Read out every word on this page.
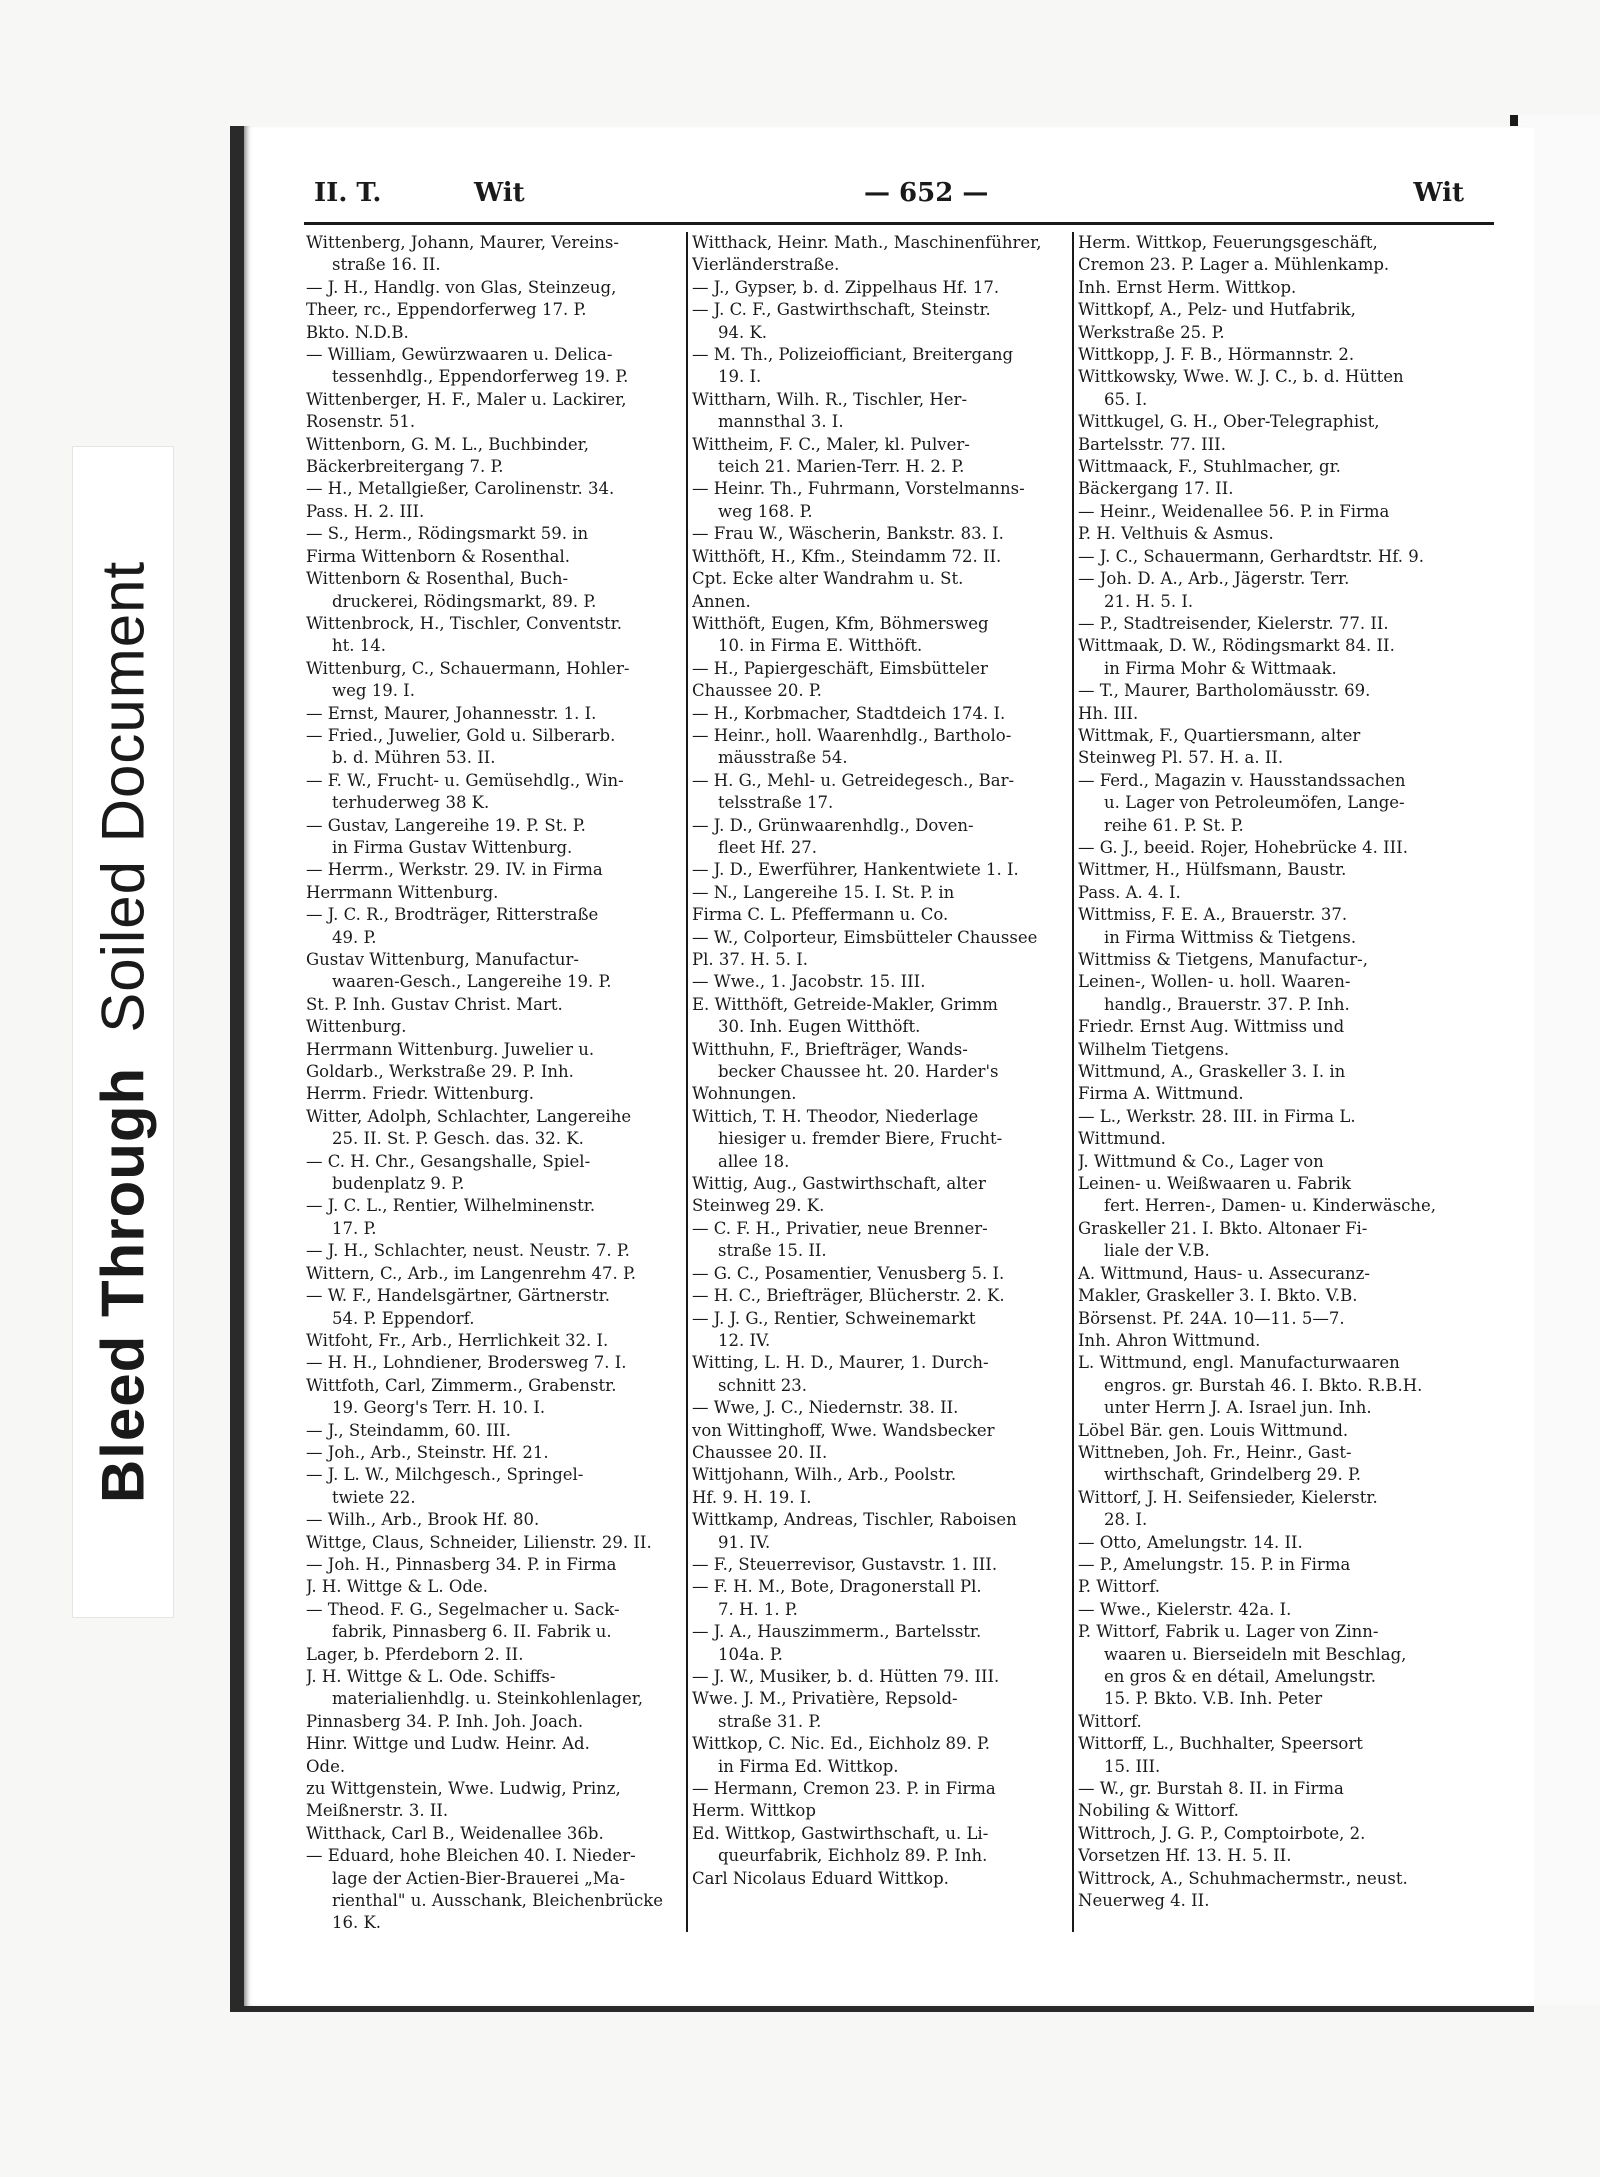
II. T.	Wit	— 652 —	Wit
Wittenberg, Johann, Maurer, Vereins-
straße 16. II.
— J. H., Handlg. von Glas, Steinzeug,
Theer, rc., Eppendorferweg 17. P.
Bkto. N.D.B.
— William, Gewürzwaaren u. Delica-
tessenhdlg., Eppendorferweg 19. P.
Wittenberger, H. F., Maler u. Lackirer,
Rosenstr. 51.
Wittenborn, G. M. L., Buchbinder,
Bäckerbreitergang 7. P.
— H., Metallgießer, Carolinenstr. 34.
Pass. H. 2. III.
— S., Herm., Rödingsmarkt 59. in
Firma Wittenborn & Rosenthal.
Wittenborn & Rosenthal, Buch-
druckerei, Rödingsmarkt, 89. P.
Wittenbrock, H., Tischler, Conventstr.
ht. 14.
Wittenburg, C., Schauermann, Hohler-
weg 19. I.
— Ernst, Maurer, Johannesstr. 1. I.
— Fried., Juwelier, Gold u. Silberarb.
b. d. Mühren 53. II.
— F. W., Frucht- u. Gemüsehdlg., Win-
terhuderweg 38 K.
— Gustav, Langereihe 19. P. St. P.
in Firma Gustav Wittenburg.
— Herrm., Werkstr. 29. IV. in Firma
Herrmann Wittenburg.
— J. C. R., Brodträger, Ritterstraße
49. P.
Gustav Wittenburg, Manufactur-
waaren-Gesch., Langereihe 19. P.
St. P. Inh. Gustav Christ. Mart.
Wittenburg.
Herrmann Wittenburg. Juwelier u.
Goldarb., Werkstraße 29. P. Inh.
Herrm. Friedr. Wittenburg.
Witter, Adolph, Schlachter, Langereihe
25. II. St. P. Gesch. das. 32. K.
— C. H. Chr., Gesangshalle, Spiel-
budenplatz 9. P.
— J. C. L., Rentier, Wilhelminenstr.
17. P.
— J. H., Schlachter, neust. Neustr. 7. P.
Wittern, C., Arb., im Langenrehm 47. P.
— W. F., Handelsgärtner, Gärtnerstr.
54. P. Eppendorf.
Witfoht, Fr., Arb., Herrlichkeit 32. I.
— H. H., Lohndiener, Brodersweg 7. I.
Wittfoth, Carl, Zimmerm., Grabenstr.
19. Georg's Terr. H. 10. I.
— J., Steindamm, 60. III.
— Joh., Arb., Steinstr. Hf. 21.
— J. L. W., Milchgesch., Springel-
twiete 22.
— Wilh., Arb., Brook Hf. 80.
Wittge, Claus, Schneider, Lilienstr. 29. II.
— Joh. H., Pinnasberg 34. P. in Firma
J. H. Wittge & L. Ode.
— Theod. F. G., Segelmacher u. Sack-
fabrik, Pinnasberg 6. II. Fabrik u.
Lager, b. Pferdeborn 2. II.
J. H. Wittge & L. Ode. Schiffs-
materialienhdlg. u. Steinkohlenlager,
Pinnasberg 34. P. Inh. Joh. Joach.
Hinr. Wittge und Ludw. Heinr. Ad.
Ode.
zu Wittgenstein, Wwe. Ludwig, Prinz,
Meißnerstr. 3. II.
Witthack, Carl B., Weidenallee 36b.
— Eduard, hohe Bleichen 40. I. Nieder-
lage der Actien-Bier-Brauerei „Ma-
rienthal" u. Ausschank, Bleichenbrücke
16. K.
Witthack, Heinr. Math., Maschinenführer,
Vierländerstraße.
— J., Gypser, b. d. Zippelhaus Hf. 17.
— J. C. F., Gastwirthschaft, Steinstr.
94. K.
— M. Th., Polizeiofficiant, Breitergang
19. I.
Wittharn, Wilh. R., Tischler, Her-
mannsthal 3. I.
Wittheim, F. C., Maler, kl. Pulver-
teich 21. Marien-Terr. H. 2. P.
— Heinr. Th., Fuhrmann, Vorstelmanns-
weg 168. P.
— Frau W., Wäscherin, Bankstr. 83. I.
Witthöft, H., Kfm., Steindamm 72. II.
Cpt. Ecke alter Wandrahm u. St.
Annen.
Witthöft, Eugen, Kfm, Böhmersweg
10. in Firma E. Witthöft.
— H., Papiergeschäft, Eimsbütteler
Chaussee 20. P.
— H., Korbmacher, Stadtdeich 174. I.
— Heinr., holl. Waarenhdlg., Bartholo-
mäusstraße 54.
— H. G., Mehl- u. Getreidegesch., Bar-
telsstraße 17.
— J. D., Grünwaarenhdlg., Doven-
fleet Hf. 27.
— J. D., Ewerführer, Hankentwiete 1. I.
— N., Langereihe 15. I. St. P. in
Firma C. L. Pfeffermann u. Co.
— W., Colporteur, Eimsbütteler Chaussee
Pl. 37. H. 5. I.
— Wwe., 1. Jacobstr. 15. III.
E. Witthöft, Getreide-Makler, Grimm
30. Inh. Eugen Witthöft.
Witthuhn, F., Briefträger, Wands-
becker Chaussee ht. 20. Harder's
Wohnungen.
Wittich, T. H. Theodor, Niederlage
hiesiger u. fremder Biere, Frucht-
allee 18.
Wittig, Aug., Gastwirthschaft, alter
Steinweg 29. K.
— C. F. H., Privatier, neue Brenner-
straße 15. II.
— G. C., Posamentier, Venusberg 5. I.
— H. C., Briefträger, Blücherstr. 2. K.
— J. J. G., Rentier, Schweinemarkt
12. IV.
Witting, L. H. D., Maurer, 1. Durch-
schnitt 23.
— Wwe, J. C., Niedernstr. 38. II.
von Wittinghoff, Wwe. Wandsbecker
Chaussee 20. II.
Wittjohann, Wilh., Arb., Poolstr.
Hf. 9. H. 19. I.
Wittkamp, Andreas, Tischler, Raboisen
91. IV.
— F., Steuerrevisor, Gustavstr. 1. III.
— F. H. M., Bote, Dragonerstall Pl.
7. H. 1. P.
— J. A., Hauszimmerm., Bartelsstr.
104a. P.
— J. W., Musiker, b. d. Hütten 79. III.
Wwe. J. M., Privatière, Repsold-
straße 31. P.
Wittkop, C. Nic. Ed., Eichholz 89. P.
in Firma Ed. Wittkop.
— Hermann, Cremon 23. P. in Firma
Herm. Wittkop
Ed. Wittkop, Gastwirthschaft, u. Li-
queurfabrik, Eichholz 89. P. Inh.
Carl Nicolaus Eduard Wittkop.
Herm. Wittkop, Feuerungsgeschäft,
Cremon 23. P. Lager a. Mühlenkamp.
Inh. Ernst Herm. Wittkop.
Wittkopf, A., Pelz- und Hutfabrik,
Werkstraße 25. P.
Wittkopp, J. F. B., Hörmannstr. 2.
Wittkowsky, Wwe. W. J. C., b. d. Hütten
65. I.
Wittkugel, G. H., Ober-Telegraphist,
Bartelsstr. 77. III.
Wittmaack, F., Stuhlmacher, gr.
Bäckergang 17. II.
— Heinr., Weidenallee 56. P. in Firma
P. H. Velthuis & Asmus.
— J. C., Schauermann, Gerhardtstr. Hf. 9.
— Joh. D. A., Arb., Jägerstr. Terr.
21. H. 5. I.
— P., Stadtreisender, Kielerstr. 77. II.
Wittmaak, D. W., Rödingsmarkt 84. II.
in Firma Mohr & Wittmaak.
— T., Maurer, Bartholomäusstr. 69.
Hh. III.
Wittmak, F., Quartiersmann, alter
Steinweg Pl. 57. H. a. II.
— Ferd., Magazin v. Hausstandssachen
u. Lager von Petroleumöfen, Lange-
reihe 61. P. St. P.
— G. J., beeid. Rojer, Hohebrücke 4. III.
Wittmer, H., Hülfsmann, Baustr.
Pass. A. 4. I.
Wittmiss, F. E. A., Brauerstr. 37.
in Firma Wittmiss & Tietgens.
Wittmiss & Tietgens, Manufactur-,
Leinen-, Wollen- u. holl. Waaren-
handlg., Brauerstr. 37. P. Inh.
Friedr. Ernst Aug. Wittmiss und
Wilhelm Tietgens.
Wittmund, A., Graskeller 3. I. in
Firma A. Wittmund.
— L., Werkstr. 28. III. in Firma L.
Wittmund.
J. Wittmund & Co., Lager von
Leinen- u. Weißwaaren u. Fabrik
fert. Herren-, Damen- u. Kinderwäsche,
Graskeller 21. I. Bkto. Altonaer Fi-
liale der V.B.
A. Wittmund, Haus- u. Assecuranz-
Makler, Graskeller 3. I. Bkto. V.B.
Börsenst. Pf. 24A. 10—11. 5—7.
Inh. Ahron Wittmund.
L. Wittmund, engl. Manufacturwaaren
engros. gr. Burstah 46. I. Bkto. R.B.H.
unter Herrn J. A. Israel jun. Inh.
Löbel Bär. gen. Louis Wittmund.
Wittneben, Joh. Fr., Heinr., Gast-
wirthschaft, Grindelberg 29. P.
Wittorf, J. H. Seifensieder, Kielerstr.
28. I.
— Otto, Amelungstr. 14. II.
— P., Amelungstr. 15. P. in Firma
P. Wittorf.
— Wwe., Kielerstr. 42a. I.
P. Wittorf, Fabrik u. Lager von Zinn-
waaren u. Bierseideln mit Beschlag,
en gros & en détail, Amelungstr.
15. P. Bkto. V.B. Inh. Peter
Wittorf.
Wittorff, L., Buchhalter, Speersort
15. III.
— W., gr. Burstah 8. II. in Firma
Nobiling & Wittorf.
Wittroch, J. G. P., Comptoirbote, 2.
Vorsetzen Hf. 13. H. 5. II.
Wittrock, A., Schuhmachermstr., neust.
Neuerweg 4. II.
Bleed ThroughSoiled Document
